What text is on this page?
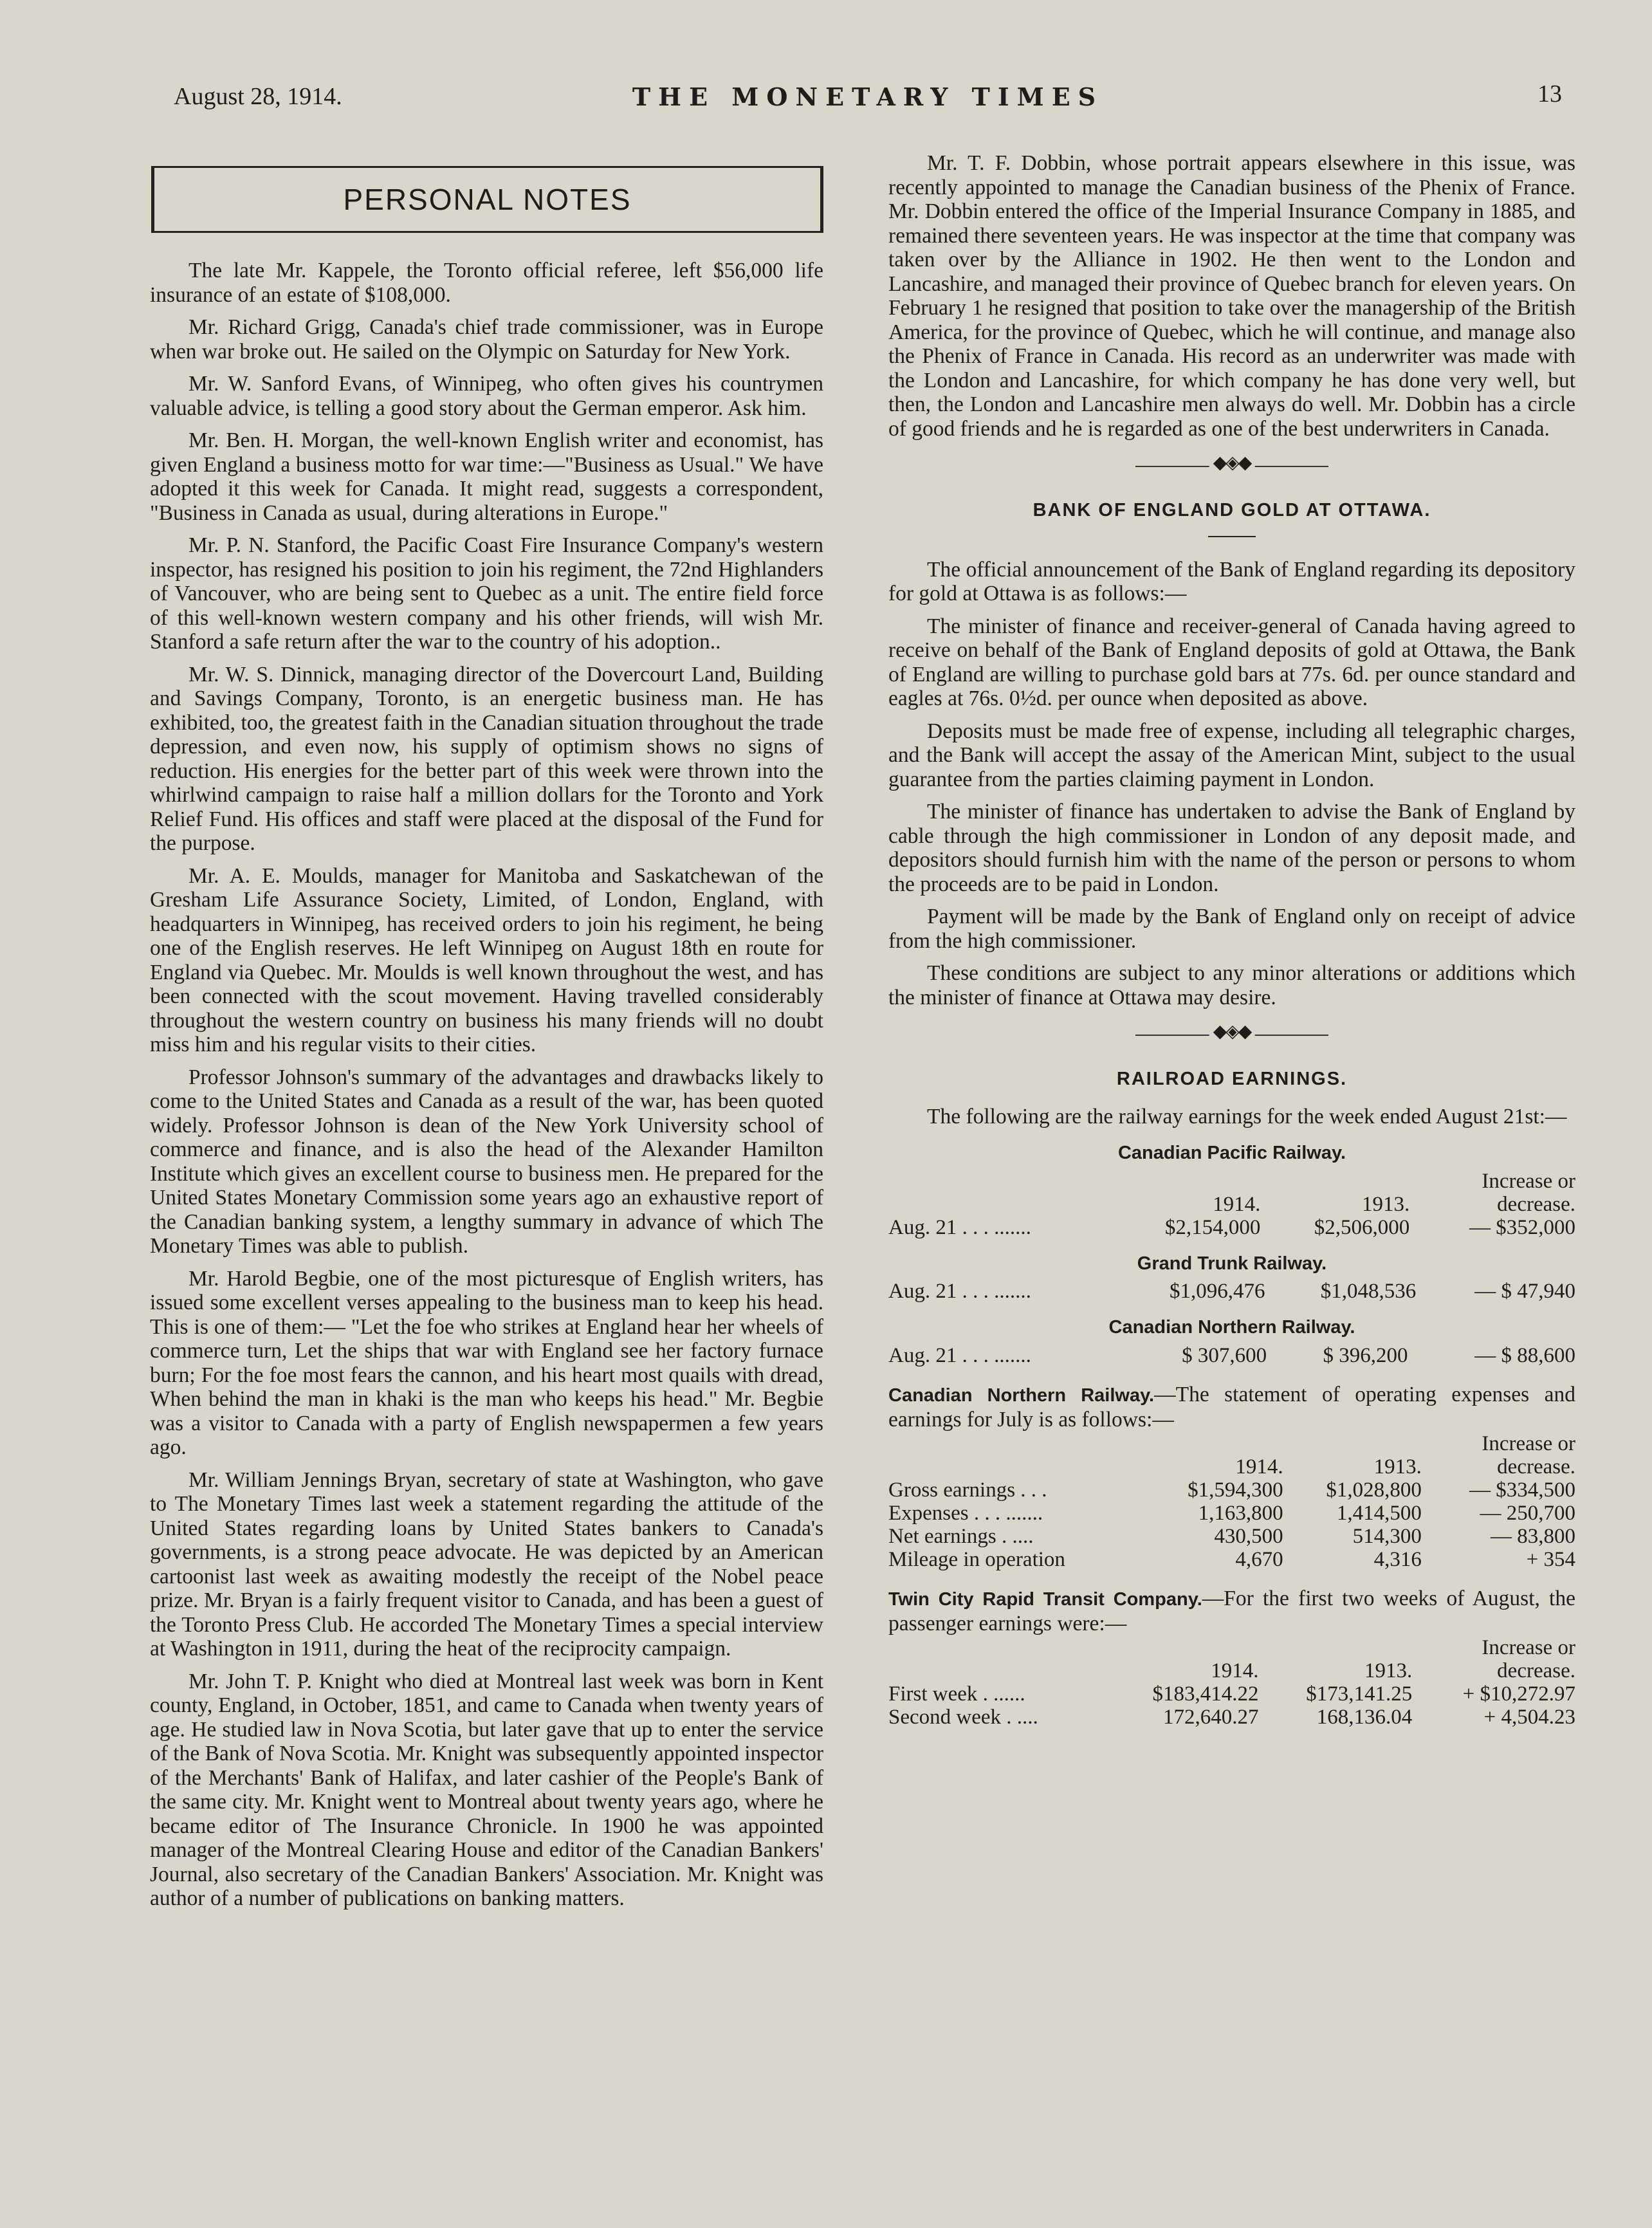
August 28, 1914.	THE MONETARY TIMES	13
PERSONAL NOTES

The late Mr. Kappele, the Toronto official referee, left $56,000 life insurance of an estate of $108,000.

Mr. Richard Grigg, Canada's chief trade commissioner, was in Europe when war broke out. He sailed on the Olympic on Saturday for New York.

Mr. W. Sanford Evans, of Winnipeg, who often gives his countrymen valuable advice, is telling a good story about the German emperor. Ask him.

Mr. Ben. H. Morgan, the well-known English writer and economist, has given England a business motto for war time:—"Business as Usual." We have adopted it this week for Canada. It might read, suggests a correspondent, "Business in Canada as usual, during alterations in Europe."

Mr. P. N. Stanford, the Pacific Coast Fire Insurance Company's western inspector, has resigned his position to join his regiment, the 72nd Highlanders of Vancouver, who are being sent to Quebec as a unit. The entire field force of this well-known western company and his other friends, will wish Mr. Stanford a safe return after the war to the country of his adoption..

Mr. W. S. Dinnick, managing director of the Dovercourt Land, Building and Savings Company, Toronto, is an energetic business man. He has exhibited, too, the greatest faith in the Canadian situation throughout the trade depression, and even now, his supply of optimism shows no signs of reduction. His energies for the better part of this week were thrown into the whirlwind campaign to raise half a million dollars for the Toronto and York Relief Fund. His offices and staff were placed at the disposal of the Fund for the purpose.

Mr. A. E. Moulds, manager for Manitoba and Saskatchewan of the Gresham Life Assurance Society, Limited, of London, England, with headquarters in Winnipeg, has received orders to join his regiment, he being one of the English reserves. He left Winnipeg on August 18th en route for England via Quebec. Mr. Moulds is well known throughout the west, and has been connected with the scout movement. Having travelled considerably throughout the western country on business his many friends will no doubt miss him and his regular visits to their cities.

Professor Johnson's summary of the advantages and drawbacks likely to come to the United States and Canada as a result of the war, has been quoted widely. Professor Johnson is dean of the New York University school of commerce and finance, and is also the head of the Alexander Hamilton Institute which gives an excellent course to business men. He prepared for the United States Monetary Commission some years ago an exhaustive report of the Canadian banking system, a lengthy summary in advance of which The Monetary Times was able to publish.

Mr. Harold Begbie, one of the most picturesque of English writers, has issued some excellent verses appealing to the business man to keep his head. This is one of them:— "Let the foe who strikes at England hear her wheels of commerce turn, Let the ships that war with England see her factory furnace burn; For the foe most fears the cannon, and his heart most quails with dread, When behind the man in khaki is the man who keeps his head." Mr. Begbie was a visitor to Canada with a party of English newspapermen a few years ago.

Mr. William Jennings Bryan, secretary of state at Washington, who gave to The Monetary Times last week a statement regarding the attitude of the United States regarding loans by United States bankers to Canada's governments, is a strong peace advocate. He was depicted by an American cartoonist last week as awaiting modestly the receipt of the Nobel peace prize. Mr. Bryan is a fairly frequent visitor to Canada, and has been a guest of the Toronto Press Club. He accorded The Monetary Times a special interview at Washington in 1911, during the heat of the reciprocity campaign.

Mr. John T. P. Knight who died at Montreal last week was born in Kent county, England, in October, 1851, and came to Canada when twenty years of age. He studied law in Nova Scotia, but later gave that up to enter the service of the Bank of Nova Scotia. Mr. Knight was subsequently appointed inspector of the Merchants' Bank of Halifax, and later cashier of the People's Bank of the same city. Mr. Knight went to Montreal about twenty years ago, where he became editor of The Insurance Chronicle. In 1900 he was appointed manager of the Montreal Clearing House and editor of the Canadian Bankers' Journal, also secretary of the Canadian Bankers' Association. Mr. Knight was author of a number of publications on banking matters.

Mr. T. F. Dobbin, whose portrait appears elsewhere in this issue, was recently appointed to manage the Canadian business of the Phenix of France. Mr. Dobbin entered the office of the Imperial Insurance Company in 1885, and remained there seventeen years. He was inspector at the time that company was taken over by the Alliance in 1902. He then went to the London and Lancashire, and managed their province of Quebec branch for eleven years. On February 1 he resigned that position to take over the managership of the British America, for the province of Quebec, which he will continue, and manage also the Phenix of France in Canada. His record as an underwriter was made with the London and Lancashire, for which company he has done very well, but then, the London and Lancashire men always do well. Mr. Dobbin has a circle of good friends and he is regarded as one of the best underwriters in Canada.

◆◈◆
BANK OF ENGLAND GOLD AT OTTAWA.

The official announcement of the Bank of England regarding its depository for gold at Ottawa is as follows:—

The minister of finance and receiver-general of Canada having agreed to receive on behalf of the Bank of England deposits of gold at Ottawa, the Bank of England are willing to purchase gold bars at 77s. 6d. per ounce standard and eagles at 76s. 0½d. per ounce when deposited as above.

Deposits must be made free of expense, including all telegraphic charges, and the Bank will accept the assay of the American Mint, subject to the usual guarantee from the parties claiming payment in London.

The minister of finance has undertaken to advise the Bank of England by cable through the high commissioner in London of any deposit made, and depositors should furnish him with the name of the person or persons to whom the proceeds are to be paid in London.

Payment will be made by the Bank of England only on receipt of advice from the high commissioner.

These conditions are subject to any minor alterations or additions which the minister of finance at Ottawa may desire.

◆◈◆
RAILROAD EARNINGS.

The following are the railway earnings for the week ended August 21st:—

Canadian Pacific Railway.
			Increase or
	1914.	1913.	decrease.
Aug. 21 . . . .......	$2,154,000	$2,506,000	— $352,000
Grand Trunk Railway.
Aug. 21 . . . .......	$1,096,476	$1,048,536	— $ 47,940
Canadian Northern Railway.
Aug. 21 . . . .......	$ 307,600	$ 396,200	— $ 88,600

Canadian Northern Railway.—The statement of operating expenses and earnings for July is as follows:—

			Increase or
	1914.	1913.	decrease.
Gross earnings . . .	$1,594,300	$1,028,800	— $334,500
Expenses . . . .......	1,163,800	1,414,500	— 250,700
Net earnings . ....	430,500	514,300	— 83,800
Mileage in operation	4,670	4,316	+ 354

Twin City Rapid Transit Company.—For the first two weeks of August, the passenger earnings were:—

			Increase or
	1914.	1913.	decrease.
First week . ......	$183,414.22	$173,141.25	+ $10,272.97
Second week . ....	172,640.27	168,136.04	+ 4,504.23
